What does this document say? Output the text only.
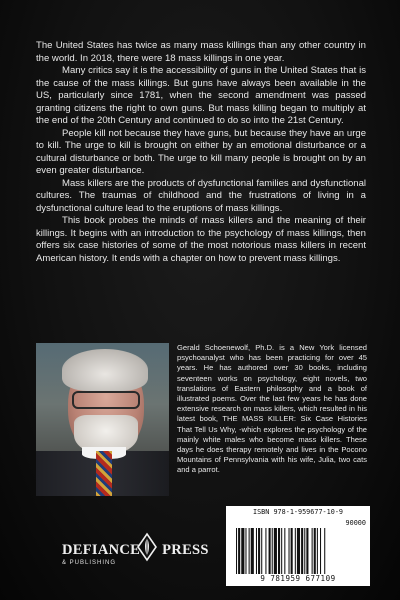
The United States has twice as many mass killings than any other country in the world. In 2018, there were 18 mass killings in one year.

Many critics say it is the accessibility of guns in the United States that is the cause of the mass killings. But guns have always been available in the US, particularly since 1781, when the second amendment was passed granting citizens the right to own guns. But mass killing began to multiply at the end of the 20th Century and continued to do so into the 21st Century.

People kill not because they have guns, but because they have an urge to kill. The urge to kill is brought on either by an emotional disturbance or a cultural disturbance or both. The urge to kill many people is brought on by an even greater disturbance.

Mass killers are the products of dysfunctional families and dysfunctional cultures. The traumas of childhood and the frustrations of living in a dysfunctional culture lead to the eruptions of mass killings.

This book probes the minds of mass killers and the meaning of their killings. It begins with an introduction to the psychology of mass killings, then offers six case histories of some of the most notorious mass killers in recent American history. It ends with a chapter on how to prevent mass killings.

Gerald Schoenewolf, Ph.D. is a New York licensed psychoanalyst who has been practicing for over 45 years. He has authored over 30 books, including seventeen works on psychology, eight novels, two translations of Eastern philosophy and a book of illustrated poems. Over the last few years he has done extensive research on mass killers, which resulted in his latest book, THE MASS KILLER: Six Case Histories That Tell Us Why, -which explores the psychology of the mainly white males who become mass killers. These days he does therapy remotely and lives in the Pocono Mountains of Pennsylvania with his wife, Julia, two cats and a parrot.
ISBN 978-1-959677-10-9
90000
9 781959 677109
DEFIANCE PRESS
& PUBLISHING
